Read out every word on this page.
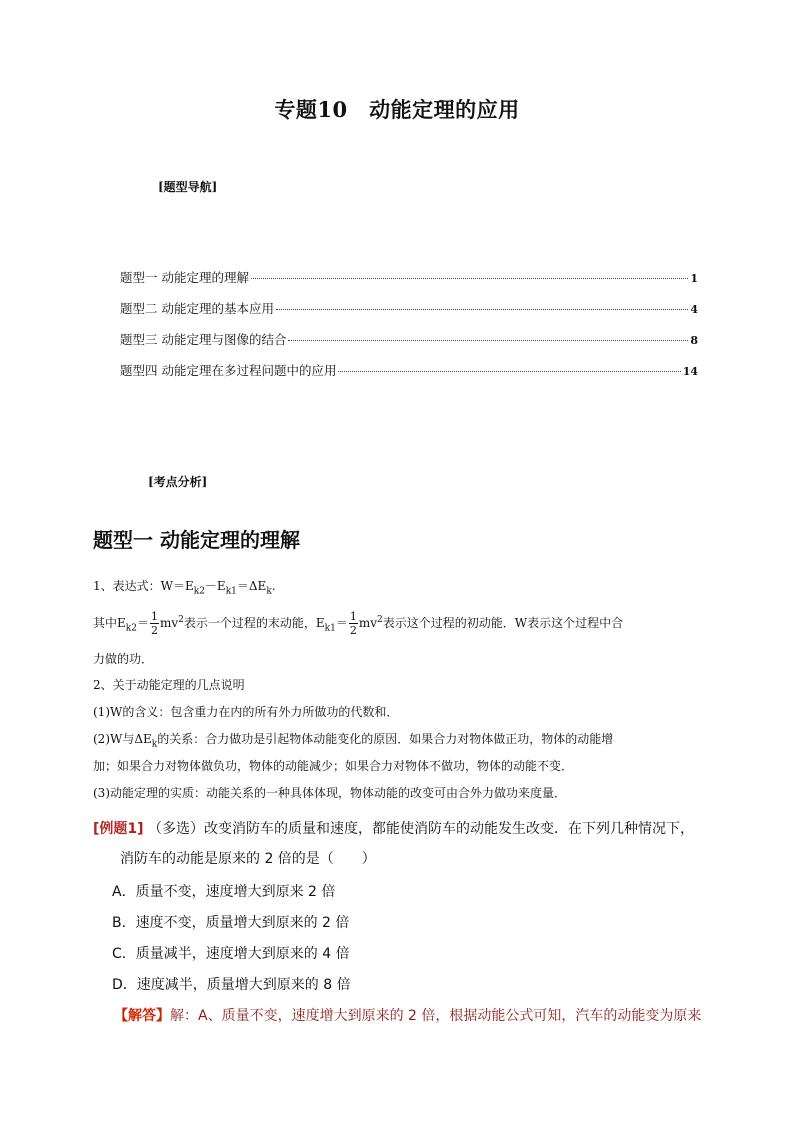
专题10　动能定理的应用
[题型导航]
题型一 动能定理的理解	1
题型二 动能定理的基本应用	4
题型三 动能定理与图像的结合	8
题型四 动能定理在多过程问题中的应用	14
[考点分析]
题型一 动能定理的理解
1、表达式：$W=E_{k2}-E_{k1}=\Delta E_k$.
其中$E_{k2}= \frac{1}{2} mv^2$表示一个过程的末动能，$E_{k1}= \frac{1}{2} mv^2$表示这个过程的初动能．W表示这个过程中合
力做的功．
2、关于动能定理的几点说明
(1)W的含义：包含重力在内的所有外力所做功的代数和．
(2)W与$\Delta E_k$的关系：合力做功是引起物体动能变化的原因．如果合力对物体做正功，物体的动能增
加；如果合力对物体做负功，物体的动能减少；如果合力对物体不做功，物体的动能不变．
(3)动能定理的实质：动能关系的一种具体体现，物体动能的改变可由合外力做功来度量．
[例题1] （多选）改变消防车的质量和速度，都能使消防车的动能发生改变．在下列几种情况下，
消防车的动能是原来的 2 倍的是（　　）
A．质量不变，速度增大到原来 2 倍
B．速度不变，质量增大到原来的 2 倍
C．质量减半，速度增大到原来的 4 倍
D．速度减半，质量增大到原来的 8 倍
【解答】解：A、质量不变，速度增大到原来的 2 倍，根据动能公式可知，汽车的动能变为原来
